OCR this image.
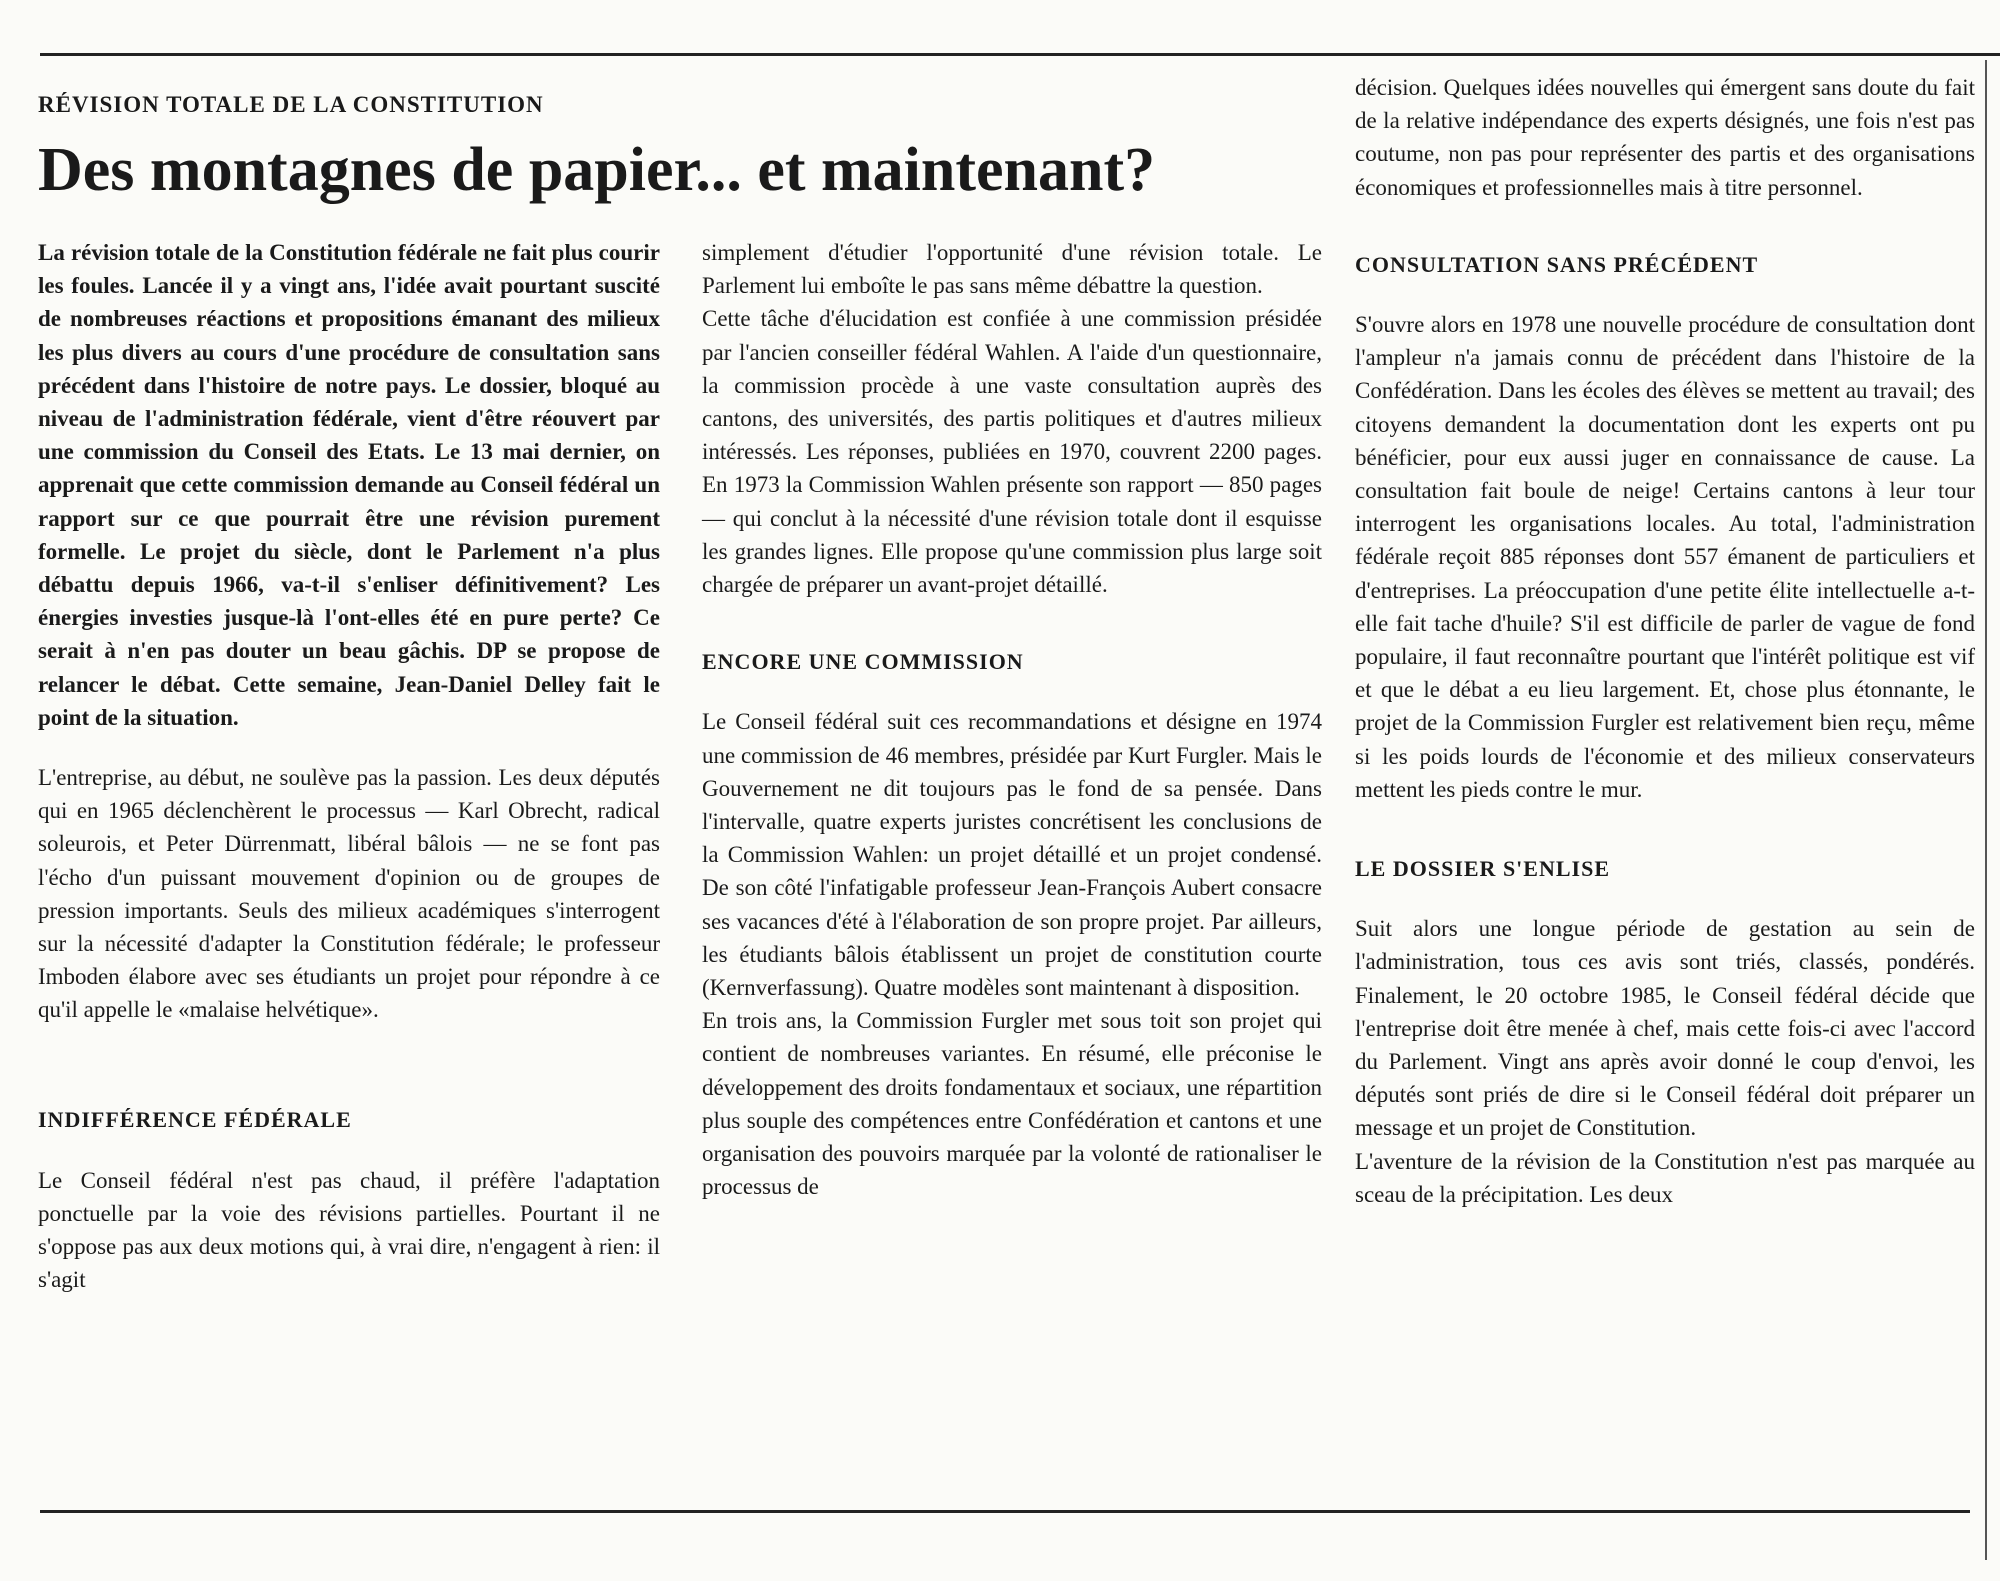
RÉVISION TOTALE DE LA CONSTITUTION
Des montagnes de papier... et maintenant?

La révision totale de la Constitution fédérale ne fait plus courir les foules. Lancée il y a vingt ans, l'idée avait pourtant suscité de nombreuses réactions et propositions émanant des milieux les plus divers au cours d'une procédure de consultation sans précédent dans l'histoire de notre pays. Le dossier, bloqué au niveau de l'administration fédérale, vient d'être réouvert par une commission du Conseil des Etats. Le 13 mai dernier, on apprenait que cette commission demande au Conseil fédéral un rapport sur ce que pourrait être une révision purement formelle. Le projet du siècle, dont le Parlement n'a plus débattu depuis 1966, va-t-il s'enliser définitivement? Les énergies investies jusque-là l'ont-elles été en pure perte? Ce serait à n'en pas douter un beau gâchis. DP se propose de relancer le débat. Cette semaine, Jean-Daniel Delley fait le point de la situation.

L'entreprise, au début, ne soulève pas la passion. Les deux députés qui en 1965 déclenchèrent le processus — Karl Obrecht, radical soleurois, et Peter Dürrenmatt, libéral bâlois — ne se font pas l'écho d'un puissant mouvement d'opinion ou de groupes de pression importants. Seuls des milieux académiques s'interrogent sur la nécessité d'adapter la Constitution fédérale; le professeur Imboden élabore avec ses étudiants un projet pour répondre à ce qu'il appelle le «malaise helvétique».

INDIFFÉRENCE FÉDÉRALE

Le Conseil fédéral n'est pas chaud, il préfère l'adaptation ponctuelle par la voie des révisions partielles. Pourtant il ne s'oppose pas aux deux motions qui, à vrai dire, n'engagent à rien: il s'agit

simplement d'étudier l'opportunité d'une révision totale. Le Parlement lui emboîte le pas sans même débattre la question.

Cette tâche d'élucidation est confiée à une commission présidée par l'ancien conseiller fédéral Wahlen. A l'aide d'un questionnaire, la commission procède à une vaste consultation auprès des cantons, des universités, des partis politiques et d'autres milieux intéressés. Les réponses, publiées en 1970, couvrent 2200 pages. En 1973 la Commission Wahlen présente son rapport — 850 pages — qui conclut à la nécessité d'une révision totale dont il esquisse les grandes lignes. Elle propose qu'une commission plus large soit chargée de préparer un avant-projet détaillé.

ENCORE UNE COMMISSION

Le Conseil fédéral suit ces recommandations et désigne en 1974 une commission de 46 membres, présidée par Kurt Furgler. Mais le Gouvernement ne dit toujours pas le fond de sa pensée. Dans l'intervalle, quatre experts juristes concrétisent les conclusions de la Commission Wahlen: un projet détaillé et un projet condensé. De son côté l'infatigable professeur Jean-François Aubert consacre ses vacances d'été à l'élaboration de son propre projet. Par ailleurs, les étudiants bâlois établissent un projet de constitution courte (Kernverfassung). Quatre modèles sont maintenant à disposition.

En trois ans, la Commission Furgler met sous toit son projet qui contient de nombreuses variantes. En résumé, elle préconise le développement des droits fondamentaux et sociaux, une répartition plus souple des compétences entre Confédération et cantons et une organisation des pouvoirs marquée par la volonté de rationaliser le processus de

décision. Quelques idées nouvelles qui émergent sans doute du fait de la relative indépendance des experts désignés, une fois n'est pas coutume, non pas pour représenter des partis et des organisations économiques et professionnelles mais à titre personnel.

CONSULTATION SANS PRÉCÉDENT

S'ouvre alors en 1978 une nouvelle procédure de consultation dont l'ampleur n'a jamais connu de précédent dans l'histoire de la Confédération. Dans les écoles des élèves se mettent au travail; des citoyens demandent la documentation dont les experts ont pu bénéficier, pour eux aussi juger en connaissance de cause. La consultation fait boule de neige! Certains cantons à leur tour interrogent les organisations locales. Au total, l'administration fédérale reçoit 885 réponses dont 557 émanent de particuliers et d'entreprises. La préoccupation d'une petite élite intellectuelle a-t-elle fait tache d'huile? S'il est difficile de parler de vague de fond populaire, il faut reconnaître pourtant que l'intérêt politique est vif et que le débat a eu lieu largement. Et, chose plus étonnante, le projet de la Commission Furgler est relativement bien reçu, même si les poids lourds de l'économie et des milieux conservateurs mettent les pieds contre le mur.

LE DOSSIER S'ENLISE

Suit alors une longue période de gestation au sein de l'administration, tous ces avis sont triés, classés, pondérés. Finalement, le 20 octobre 1985, le Conseil fédéral décide que l'entreprise doit être menée à chef, mais cette fois-ci avec l'accord du Parlement. Vingt ans après avoir donné le coup d'envoi, les députés sont priés de dire si le Conseil fédéral doit préparer un message et un projet de Constitution.

L'aventure de la révision de la Constitution n'est pas marquée au sceau de la précipitation. Les deux
